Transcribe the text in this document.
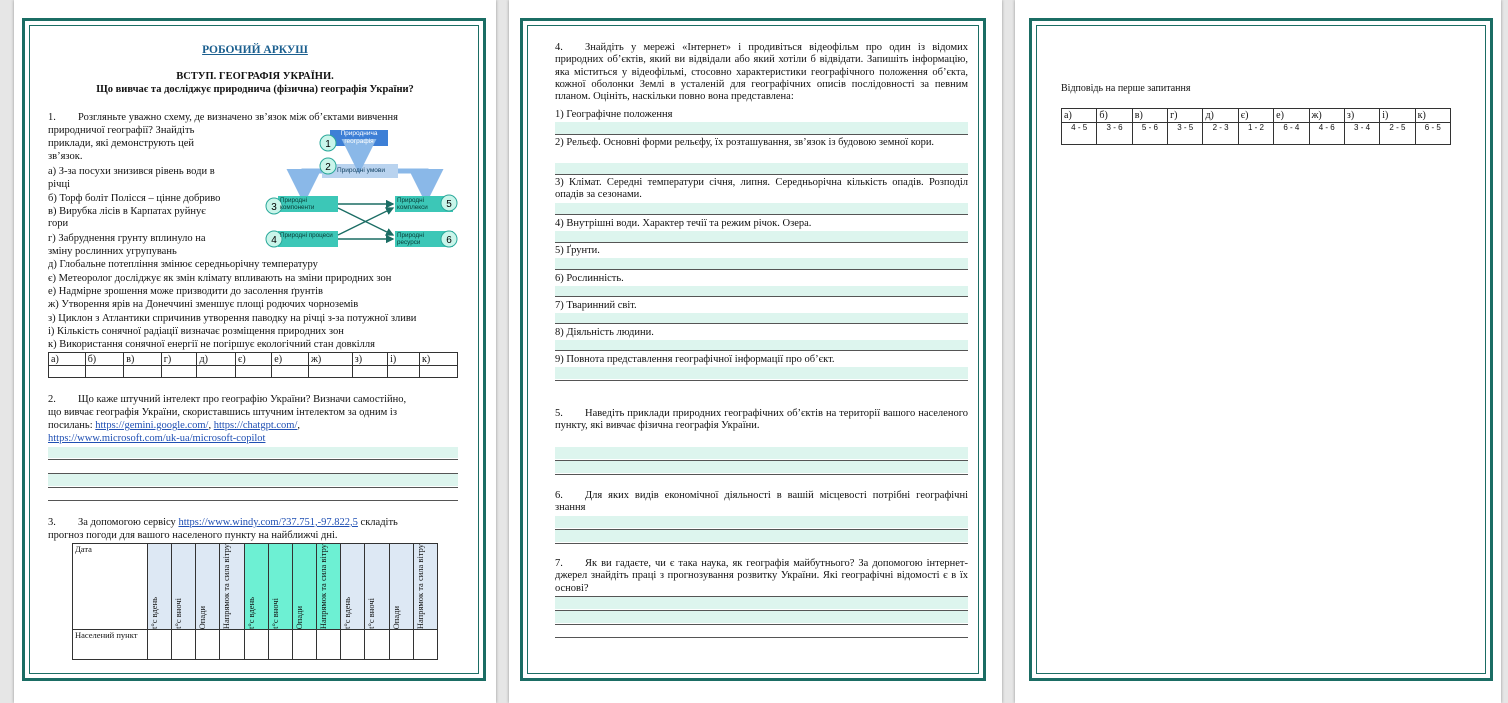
РОБОЧИЙ АРКУШ
ВСТУП. ГЕОГРАФІЯ УКРАЇНИ.
Що вивчає та досліджує природнича (фізична) географія України?
1. Розгляньте уважно схему, де визначено зв’язок між об’єктами вивчення
природничої географії? Знайдіть
приклади, які демонструють цей
зв’язок.
а) З-за посухи знизився рівень води в
річці
б) Торф боліт Полісся – цінне добриво
в) Вирубка лісів в Карпатах руйнує
гори
г) Забруднення грунту вплинуло на
зміну рослинних угрупувань
д) Глобальне потепління змінює середньорічну температуру
є) Метеоролог досліджує як змін клімату впливають на зміни природних зон
е) Надмірне зрошення може призводити до засолення ґрунтів
ж) Утворення ярів на Донеччині зменшує площі родючих чорноземів
з) Циклон з Атлантики спричинив утворення паводку на річці з-за потужної зливи
і) Кількість сонячної радіації визначає розміщення природних зон
к) Використання сонячної енергії не погіршує екологічний стан довкілля
1
2
3
4
5
6
Природнича географія
Природні умови
Природні компоненти
Природні процеси
Природні комплекси
Природні ресурси
а)	б)	в)	г)	д)	є)	е)	ж)	з)	і)	к)

2. Що каже штучний інтелект про географію України? Визначи самостійно,
що вивчає географія України, скориставшись штучним інтелектом за одним із
посилань: https://gemini.google.com/, https://chatgpt.com/,
https://www.microsoft.com/uk-ua/microsoft-copilot
3. За допомогою сервісу https://www.windy.com/?37.751,-97.822,5 складіть
прогноз погоди для вашого населеного пункту на найближчі дні.
Дата	t°c вдень	t°c вночі	Опади	Напрямок та сила вітру	t°c вдень	t°c вночі	Опади	Напрямок та сила вітру	t°c вдень	t°c вночі	Опади	Напрямок та сила вітру

Населений пункт												
4.	Знайдіть у мережі «Інтернет» і продивіться відеофільм про один із відомих природних об’єктів, який ви відвідали або який хотіли б відвідати. Запишіть інформацію, яка міститься у відеофільмі, стосовно характеристики географічного положення об’єкта, кожної оболонки Землі в усталеній для географічних описів послідовності за певним планом. Оцініть, наскільки повно вона представлена:
1) Географічне положення
2) Рельєф. Основні форми рельєфу, їх розташування, зв’язок із будовою земної кори.
3) Клімат. Середні температури січня, липня. Середньорічна кількість опадів. Розподіл опадів за сезонами.
4) Внутрішні води. Характер течії та режим річок. Озера.
5) Ґрунти.
6) Рослинність.
7) Тваринний світ.
8) Діяльність людини.
9) Повнота представлення географічної інформації про об’єкт.
5.	Наведіть приклади природних географічних об’єктів на території вашого населеного пункту, які вивчає фізична географія України.
6.	Для яких видів економічної діяльності в вашій місцевості потрібні географічні знання
7.	Як ви гадаєте, чи є така наука, як географія майбутнього? За допомогою інтернет-джерел знайдіть праці з прогнозування розвитку України. Які географічні відомості є в їх основі?
Відповідь на перше запитання
а)	б)	в)	г)	д)	є)	е)	ж)	з)	і)	к)
4 - 5	3 - 6	5 - 6	3 - 5	2 - 3	1 - 2	6 - 4	4 - 6	3 - 4	2 - 5	6 - 5
